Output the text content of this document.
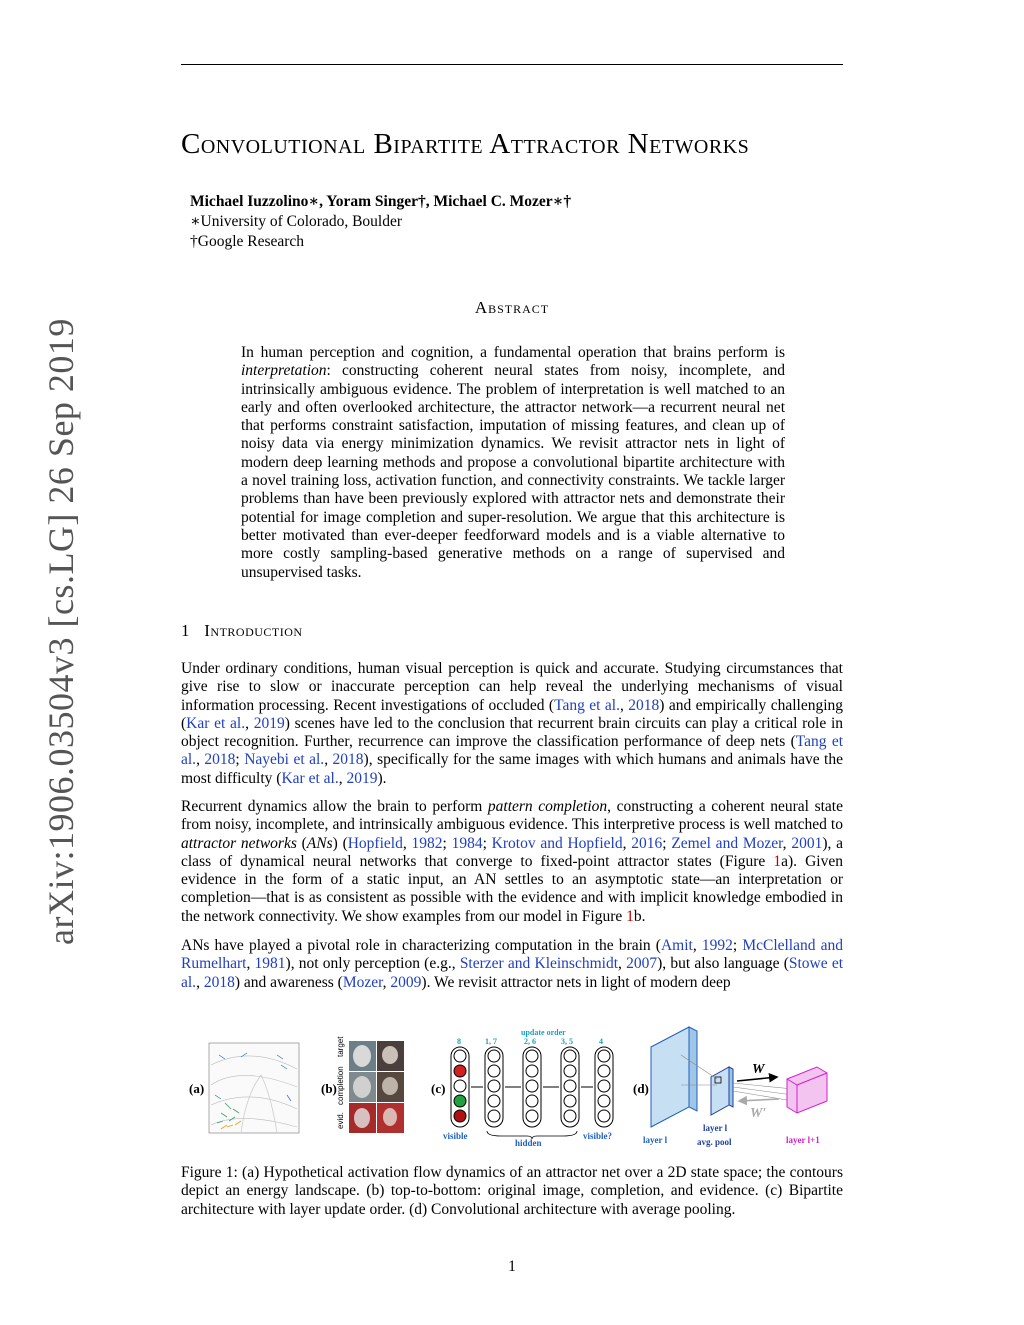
Convolutional Bipartite Attractor Networks
Michael Iuzzolino∗, Yoram Singer†, Michael C. Mozer∗†
∗University of Colorado, Boulder
†Google Research
Abstract
In human perception and cognition, a fundamental operation that brains perform is interpretation: constructing coherent neural states from noisy, incomplete, and intrinsically ambiguous evidence. The problem of interpretation is well matched to an early and often overlooked architecture, the attractor network—a recurrent neural net that performs constraint satisfaction, imputation of missing features, and clean up of noisy data via energy minimization dynamics. We revisit attractor nets in light of modern deep learning methods and propose a convolutional bipartite architecture with a novel training loss, activation function, and connectivity constraints. We tackle larger problems than have been previously explored with attractor nets and demonstrate their potential for image completion and super-resolution. We argue that this architecture is better motivated than ever-deeper feedforward models and is a viable alternative to more costly sampling-based generative methods on a range of supervised and unsupervised tasks.
1 Introduction
Under ordinary conditions, human visual perception is quick and accurate. Studying circumstances that give rise to slow or inaccurate perception can help reveal the underlying mechanisms of visual information processing. Recent investigations of occluded (Tang et al., 2018) and empirically challenging (Kar et al., 2019) scenes have led to the conclusion that recurrent brain circuits can play a critical role in object recognition. Further, recurrence can improve the classification performance of deep nets (Tang et al., 2018; Nayebi et al., 2018), specifically for the same images with which humans and animals have the most difficulty (Kar et al., 2019).
Recurrent dynamics allow the brain to perform pattern completion, constructing a coherent neural state from noisy, incomplete, and intrinsically ambiguous evidence. This interpretive process is well matched to attractor networks (ANs) (Hopfield, 1982; 1984; Krotov and Hopfield, 2016; Zemel and Mozer, 2001), a class of dynamical neural networks that converge to fixed-point attractor states (Figure 1a). Given evidence in the form of a static input, an AN settles to an asymptotic state—an interpretation or completion—that is as consistent as possible with the evidence and with implicit knowledge embodied in the network connectivity. We show examples from our model in Figure 1b.
ANs have played a pivotal role in characterizing computation in the brain (Amit, 1992; McClelland and Rumelhart, 1981), not only perception (e.g., Sterzer and Kleinschmidt, 2007), but also language (Stowe et al., 2018) and awareness (Mozer, 2009). We revisit attractor nets in light of modern deep
arXiv:1906.03504v3 [cs.LG] 26 Sep 2019
(a)	(b)
evid.
completion
target
(c)
update order
8	1, 7	2, 6	3, 5	4
visible
hidden
visible?
(d)
W
W′
layer l
layer l
avg. pool	layer l+1
Figure 1: (a) Hypothetical activation flow dynamics of an attractor net over a 2D state space; the contours depict an energy landscape. (b) top-to-bottom: original image, completion, and evidence. (c) Bipartite architecture with layer update order. (d) Convolutional architecture with average pooling.
1
